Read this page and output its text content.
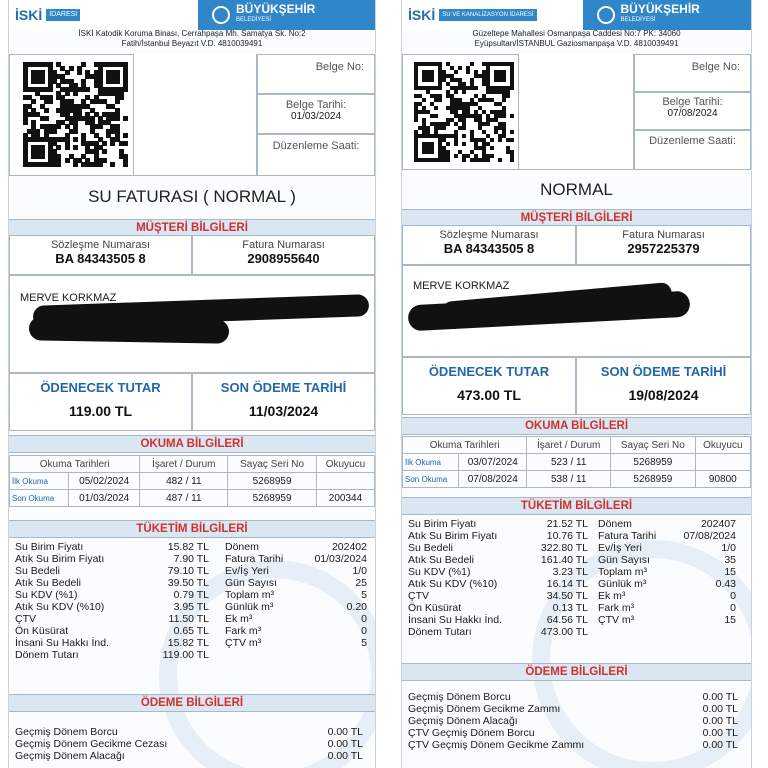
İSKİ	İDARESİ	BÜYÜKŞEHİR
BELEDİYESİ
İSKİ Katodik Koruma Binası, Cerrahpaşa Mh. Samatya Sk. No:2
Fatih/İstanbul Beyazıt V.D. 4810039491
Belge No:
Belge Tarihi:
01/03/2024
Düzenleme Saati:
SU FATURASI ( NORMAL )
MÜŞTERİ BİLGİLERİ
Sözleşme Numarası
BA 84343505 8
Fatura Numarası
2908955640
MERVE KORKMAZ
ÖDENECEK TUTAR
119.00 TL
SON ÖDEME TARİHİ
11/03/2024
OKUMA BİLGİLERİ
Okuma Tarihleri		İşaret / Durum	Sayaç Seri No	Okuyucu
İlk Okuma	05/02/2024	482 / 11	5268959	
Son Okuma	01/03/2024	487 / 11	5268959	200344
TÜKETİM BİLGİLERİ
Su Birim Fiyatı	15.82 TL
Atık Su Birim Fiyatı	7.90 TL
Su Bedeli	79.10 TL
Atık Su Bedeli	39.50 TL
Su KDV (%1)	0.79 TL
Atık Su KDV (%10)	3.95 TL
ÇTV	11.50 TL
Ön Küsürat	0.65 TL
İnsani Su Hakkı İnd.	15.82 TL
Dönem Tutarı	119.00 TL
Dönem	202402
Fatura Tarihi	01/03/2024
Ev/İş Yeri	1/0
Gün Sayısı	25
Toplam m³	5
Günlük m³	0.20
Ek m³	0
Fark m³	0
ÇTV m³	5
ÖDEME BİLGİLERİ
Geçmiş Dönem Borcu	0.00 TL
Geçmiş Dönem Gecikme Cezası	0.00 TL
Geçmiş Dönem Alacağı	0.00 TL
İSKİ	SU VE KANALİZASYON İDARESİ	BÜYÜKŞEHİR
BELEDİYESİ
Güzeltepe Mahallesi Osmanpaşa Caddesi No:7 PK: 34060
Eyüpsultan/İSTANBUL Gaziosmanpaşa V.D. 4810039491
Belge No:
Belge Tarihi:
07/08/2024
Düzenleme Saati:
NORMAL
MÜŞTERİ BİLGİLERİ
Sözleşme Numarası
BA 84343505 8
Fatura Numarası
2957225379
MERVE KORKMAZ
ÖDENECEK TUTAR
473.00 TL
SON ÖDEME TARİHİ
19/08/2024
OKUMA BİLGİLERİ
Okuma Tarihleri		İşaret / Durum	Sayaç Seri No	Okuyucu
İlk Okuma	03/07/2024	523 / 11	5268959	
Son Okuma	07/08/2024	538 / 11	5268959	90800
TÜKETİM BİLGİLERİ
Su Birim Fiyatı	21.52 TL
Atık Su Birim Fiyatı	10.76 TL
Su Bedeli	322.80 TL
Atık Su Bedeli	161.40 TL
Su KDV (%1)	3.23 TL
Atık Su KDV (%10)	16.14 TL
ÇTV	34.50 TL
Ön Küsürat	0.13 TL
İnsani Su Hakkı İnd.	64.56 TL
Dönem Tutarı	473.00 TL
Dönem	202407
Fatura Tarihi	07/08/2024
Ev/İş Yeri	1/0
Gün Sayısı	35
Toplam m³	15
Günlük m³	0.43
Ek m³	0
Fark m³	0
ÇTV m³	15
ÖDEME BİLGİLERİ
Geçmiş Dönem Borcu	0.00 TL
Geçmiş Dönem Gecikme Zammı	0.00 TL
Geçmiş Dönem Alacağı	0.00 TL
ÇTV Geçmiş Dönem Borcu	0.00 TL
ÇTV Geçmiş Dönem Gecikme Zammı	0.00 TL
